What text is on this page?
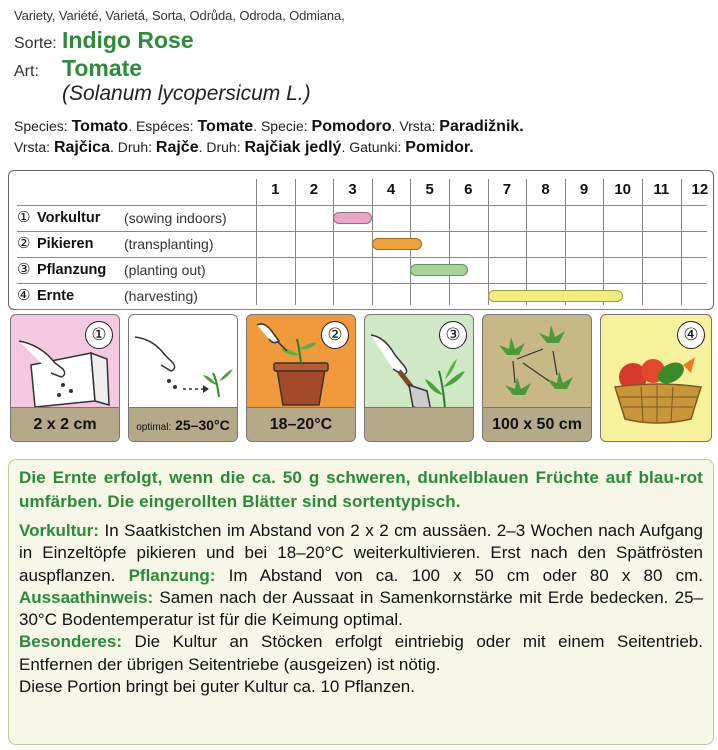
Variety, Variété, Varietá, Sorta, Odrůda, Odroda, Odmiana,
Sorte: Indigo Rose
Art:	Tomate
(Solanum lycopersicum L.)
Species: Tomato. Espéces: Tomate. Specie: Pomodoro. Vrsta: Paradižnik.
Vrsta: Rajčica. Druh: Rajče. Druh: Rajčiak jedlý. Gatunki: Pomidor.
1	2	3	4	5	6	7	8	9	10	11	12
① Vorkultur	(sowing indoors)
② Pikieren	(transplanting)
③ Pflanzung	(planting out)
④ Ernte	(harvesting)
①
2 x 2 cm	optimal: 25–30°C
②
18–20°C
③
100 x 50 cm
④
Die Ernte erfolgt, wenn die ca. 50 g schweren, dunkelblauen Früchte auf blau-rot umfärben. Die eingerollten Blätter sind sortentypisch.

Vorkultur: In Saatkistchen im Abstand von 2 x 2 cm aussäen. 2–3 Wochen nach Aufgang in Einzeltöpfe pikieren und bei 18–20°C weiterkultivieren. Erst nach den Spätfrösten auspflanzen. Pflanzung: Im Abstand von ca. 100 x 50 cm oder 80 x 80 cm. Aussaathinweis: Samen nach der Aussaat in Samenkornstärke mit Erde bedecken. 25–30°C Bodentemperatur ist für die Keimung optimal.

Besonderes: Die Kultur an Stöcken erfolgt eintriebig oder mit einem Seitentrieb. Entfernen der übrigen Seitentriebe (ausgeizen) ist nötig.

Diese Portion bringt bei guter Kultur ca. 10 Pflanzen.
